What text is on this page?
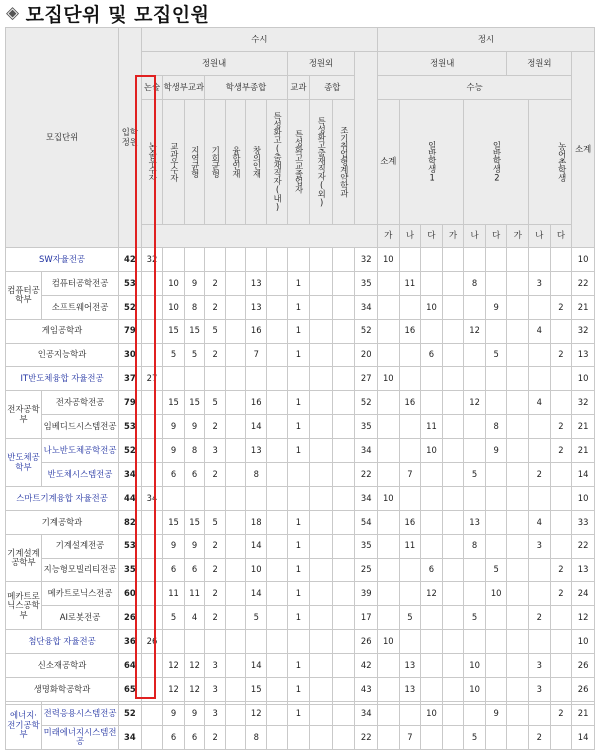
◈ 모집단위 및 모집인원
모집단위		입학정원	수시											정시									
			정원내							정원외				정원내						정원외			소계
			논술	학생부교과		학생부종합				교과	종합			수능									
			논술우수자	교과우수자	지역균형	기회균형	융합인재	창의인재	특성화고(출재직자(내)	특성화고교졸업자	특성화고출재직자(외)	조기취업형계약학과		소계	일반학생1			일반학생2			농어촌학생		
														가	나	다	가	나	다	가	나	다	
SW자율전공		42	32										32	10									10
컴퓨터공학부	컴퓨터공학전공	53		10	9	2		13		1			35		11			8			3		22
	소프트웨어전공	52		10	8	2		13		1			34			10			9			2	21
게임공학과		79		15	15	5		16		1			52		16			12			4		32
인공지능학과		30		5	5	2		7		1			20			6			5			2	13
IT반도체융합 자율전공		37	27										27	10									10
전자공학부	전자공학전공	79		15	15	5		16		1			52		16			12			4		32
	임베디드시스템전공	53		9	9	2		14		1			35			11			8			2	21
반도체공학부	나노반도체공학전공	52		9	8	3		13		1			34			10			9			2	21
	반도체시스템전공	34		6	6	2		8					22		7			5			2		14
스마트기계융합 자율전공		44	34										34	10									10
기계공학과		82		15	15	5		18		1			54		16			13			4		33
기계설계공학부	기계설계전공	53		9	9	2		14		1			35		11			8			3		22
	지능형모빌리티전공	35		6	6	2		10		1			25			6			5			2	13
메카트로닉스공학부	메카트로닉스전공	60		11	11	2		14		1			39			12			10			2	24
	AI로봇전공	26		5	4	2		5		1			17		5			5			2		12
첨단융합 자율전공		36	26										26	10									10
신소재공학과		64		12	12	3		14		1			42		13			10			3		26
생명화학공학과		65		12	12	3		15		1			43		13			10			3		26
에너지·전기공학부	전력응용시스템전공	52		9	9	3		12		1			34			10			9			2	21
	미래에너지시스템전공	34		6	6	2		8					22		7			5			2		14
